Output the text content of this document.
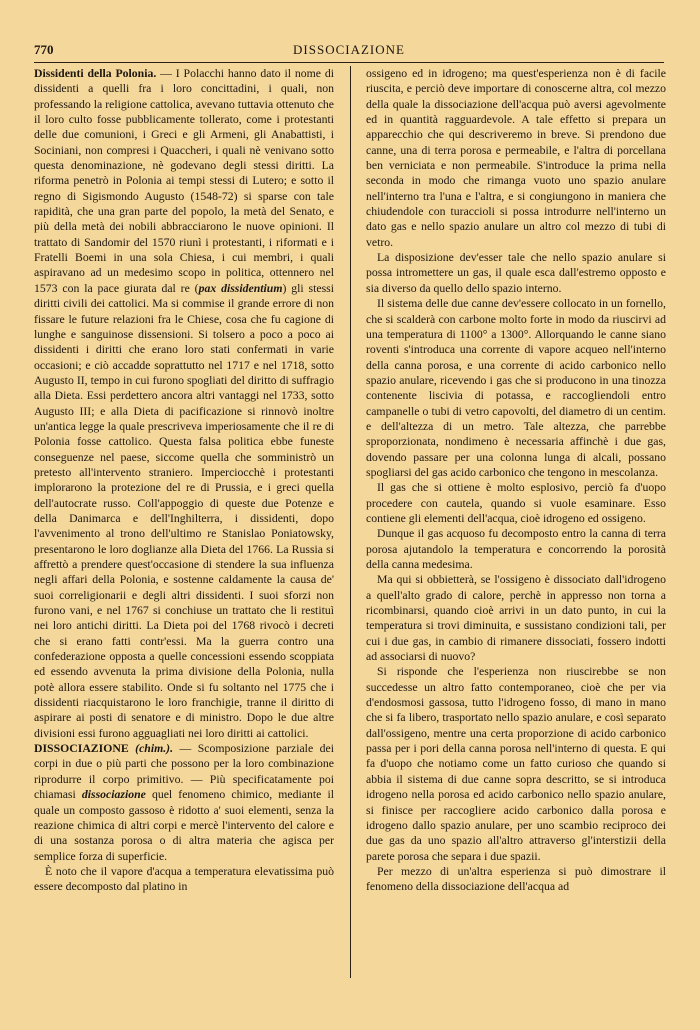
770	DISSOCIAZIONE

Dissidenti della Polonia. — I Polacchi hanno dato il nome di dissidenti a quelli fra i loro concittadini, i quali, non professando la religione cattolica, avevano tuttavia ottenuto che il loro culto fosse pubblicamente tollerato, come i protestanti delle due comunioni, i Greci e gli Armeni, gli Anabattisti, i Sociniani, non compresi i Quaccheri, i quali nè venivano sotto questa denominazione, nè godevano degli stessi diritti. La riforma penetrò in Polonia ai tempi stessi di Lutero; e sotto il regno di Sigismondo Augusto (1548-72) si sparse con tale rapidità, che una gran parte del popolo, la metà del Senato, e più della metà dei nobili abbracciarono le nuove opinioni. Il trattato di Sandomir del 1570 riunì i protestanti, i riformati e i Fratelli Boemi in una sola Chiesa, i cui membri, i quali aspiravano ad un medesimo scopo in politica, ottennero nel 1573 con la pace giurata dal re (pax dissidentium) gli stessi diritti civili dei cattolici. Ma si commise il grande errore di non fissare le future relazioni fra le Chiese, cosa che fu cagione di lunghe e sanguinose dissensioni. Si tolsero a poco a poco ai dissidenti i diritti che erano loro stati confermati in varie occasioni; e ciò accadde soprattutto nel 1717 e nel 1718, sotto Augusto II, tempo in cui furono spogliati del diritto di suffragio alla Dieta. Essi perdettero ancora altri vantaggi nel 1733, sotto Augusto III; e alla Dieta di pacificazione si rinnovò inoltre un'antica legge la quale prescriveva imperiosamente che il re di Polonia fosse cattolico. Questa falsa politica ebbe funeste conseguenze nel paese, siccome quella che somministrò un pretesto all'intervento straniero. Imperciocchè i protestanti implorarono la protezione del re di Prussia, e i greci quella dell'autocrate russo. Coll'appoggio di queste due Potenze e della Danimarca e dell'Inghilterra, i dissidenti, dopo l'avvenimento al trono dell'ultimo re Stanislao Poniatowsky, presentarono le loro doglianze alla Dieta del 1766. La Russia si affrettò a prendere quest'occasione di stendere la sua influenza negli affari della Polonia, e sostenne caldamente la causa de' suoi correligionarii e degli altri dissidenti. I suoi sforzi non furono vani, e nel 1767 si conchiuse un trattato che li restituì nei loro antichi diritti. La Dieta poi del 1768 rivocò i decreti che si erano fatti contr'essi. Ma la guerra contro una confederazione opposta a quelle concessioni essendo scoppiata ed essendo avvenuta la prima divisione della Polonia, nulla potè allora essere stabilito. Onde si fu soltanto nel 1775 che i dissidenti riacquistarono le loro franchigie, tranne il diritto di aspirare ai posti di senatore e di ministro. Dopo le due altre divisioni essi furono agguagliati nei loro diritti ai cattolici.

DISSOCIAZIONE (chim.). — Scomposizione parziale dei corpi in due o più parti che possono per la loro combinazione riprodurre il corpo primitivo. — Più specificatamente poi chiamasi dissociazione quel fenomeno chimico, mediante il quale un composto gassoso è ridotto a' suoi elementi, senza la reazione chimica di altri corpi e mercè l'intervento del calore e di una sostanza porosa o di altra materia che agisca per semplice forza di superficie.

È noto che il vapore d'acqua a temperatura elevatissima può essere decomposto dal platino in

ossigeno ed in idrogeno; ma quest'esperienza non è di facile riuscita, e perciò deve importare di conoscerne altra, col mezzo della quale la dissociazione dell'acqua può aversi agevolmente ed in quantità ragguardevole. A tale effetto si prepara un apparecchio che qui descriveremo in breve. Si prendono due canne, una di terra porosa e permeabile, e l'altra di porcellana ben verniciata e non permeabile. S'introduce la prima nella seconda in modo che rimanga vuoto uno spazio anulare nell'interno tra l'una e l'altra, e si congiungono in maniera che chiudendole con turaccioli si possa introdurre nell'interno un dato gas e nello spazio anulare un altro col mezzo di tubi di vetro.

La disposizione dev'esser tale che nello spazio anulare si possa intromettere un gas, il quale esca dall'estremo opposto e sia diverso da quello dello spazio interno.

Il sistema delle due canne dev'essere collocato in un fornello, che si scalderà con carbone molto forte in modo da riuscirvi ad una temperatura di 1100° a 1300°. Allorquando le canne siano roventi s'introduca una corrente di vapore acqueo nell'interno della canna porosa, e una corrente di acido carbonico nello spazio anulare, ricevendo i gas che si producono in una tinozza contenente liscivia di potassa, e raccogliendoli entro campanelle o tubi di vetro capovolti, del diametro di un centim. e dell'altezza di un metro. Tale altezza, che parrebbe sproporzionata, nondimeno è necessaria affinchè i due gas, dovendo passare per una colonna lunga di alcali, possano spogliarsi del gas acido carbonico che tengono in mescolanza.

Il gas che si ottiene è molto esplosivo, perciò fa d'uopo procedere con cautela, quando si vuole esaminare. Esso contiene gli elementi dell'acqua, cioè idrogeno ed ossigeno.

Dunque il gas acquoso fu decomposto entro la canna di terra porosa ajutandolo la temperatura e concorrendo la porosità della canna medesima.

Ma qui si obbietterà, se l'ossigeno è dissociato dall'idrogeno a quell'alto grado di calore, perchè in appresso non torna a ricombinarsi, quando cioè arrivi in un dato punto, in cui la temperatura si trovi diminuita, e sussistano condizioni tali, per cui i due gas, in cambio di rimanere dissociati, fossero indotti ad associarsi di nuovo?

Si risponde che l'esperienza non riuscirebbe se non succedesse un altro fatto contemporaneo, cioè che per via d'endosmosi gassosa, tutto l'idrogeno fosso, di mano in mano che si fa libero, trasportato nello spazio anulare, e così separato dall'ossigeno, mentre una certa proporzione di acido carbonico passa per i pori della canna porosa nell'interno di questa. E qui fa d'uopo che notiamo come un fatto curioso che quando si abbia il sistema di due canne sopra descritto, se si introduca idrogeno nella porosa ed acido carbonico nello spazio anulare, si finisce per raccogliere acido carbonico dalla porosa e idrogeno dallo spazio anulare, per uno scambio reciproco dei due gas da uno spazio all'altro attraverso gl'interstizii della parete porosa che separa i due spazii.

Per mezzo di un'altra esperienza si può dimostrare il fenomeno della dissociazione dell'acqua ad
